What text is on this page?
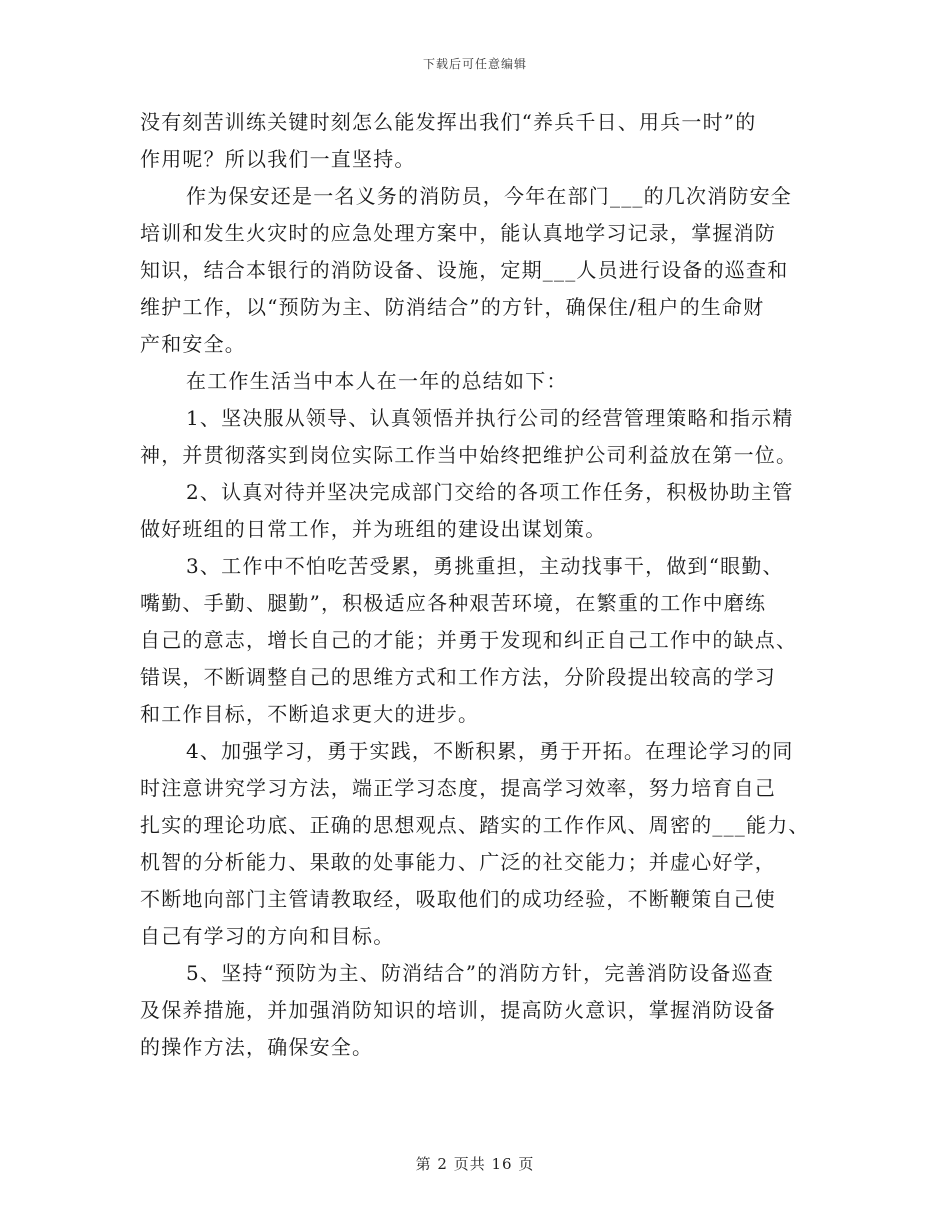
下载后可任意编辑
没有刻苦训练关键时刻怎么能发挥出我们“养兵千日、用兵一时”的
作用呢？所以我们一直坚持。
作为保安还是一名义务的消防员，今年在部门___的几次消防安全
培训和发生火灾时的应急处理方案中，能认真地学习记录，掌握消防
知识，结合本银行的消防设备、设施，定期___人员进行设备的巡查和
维护工作，以“预防为主、防消结合”的方针，确保住/租户的生命财
产和安全。
在工作生活当中本人在一年的总结如下：
1、坚决服从领导、认真领悟并执行公司的经营管理策略和指示精
神，并贯彻落实到岗位实际工作当中始终把维护公司利益放在第一位。
2、认真对待并坚决完成部门交给的各项工作任务，积极协助主管
做好班组的日常工作，并为班组的建设出谋划策。
3、工作中不怕吃苦受累，勇挑重担，主动找事干，做到“眼勤、
嘴勤、手勤、腿勤”，积极适应各种艰苦环境，在繁重的工作中磨练
自己的意志，增长自己的才能；并勇于发现和纠正自己工作中的缺点、
错误，不断调整自己的思维方式和工作方法，分阶段提出较高的学习
和工作目标，不断追求更大的进步。
4、加强学习，勇于实践，不断积累，勇于开拓。在理论学习的同
时注意讲究学习方法，端正学习态度，提高学习效率，努力培育自己
扎实的理论功底、正确的思想观点、踏实的工作作风、周密的___能力、
机智的分析能力、果敢的处事能力、广泛的社交能力；并虚心好学，
不断地向部门主管请教取经，吸取他们的成功经验，不断鞭策自己使
自己有学习的方向和目标。
5、坚持“预防为主、防消结合”的消防方针，完善消防设备巡查
及保养措施，并加强消防知识的培训，提高防火意识，掌握消防设备
的操作方法，确保安全。
第 2 页共 16 页
